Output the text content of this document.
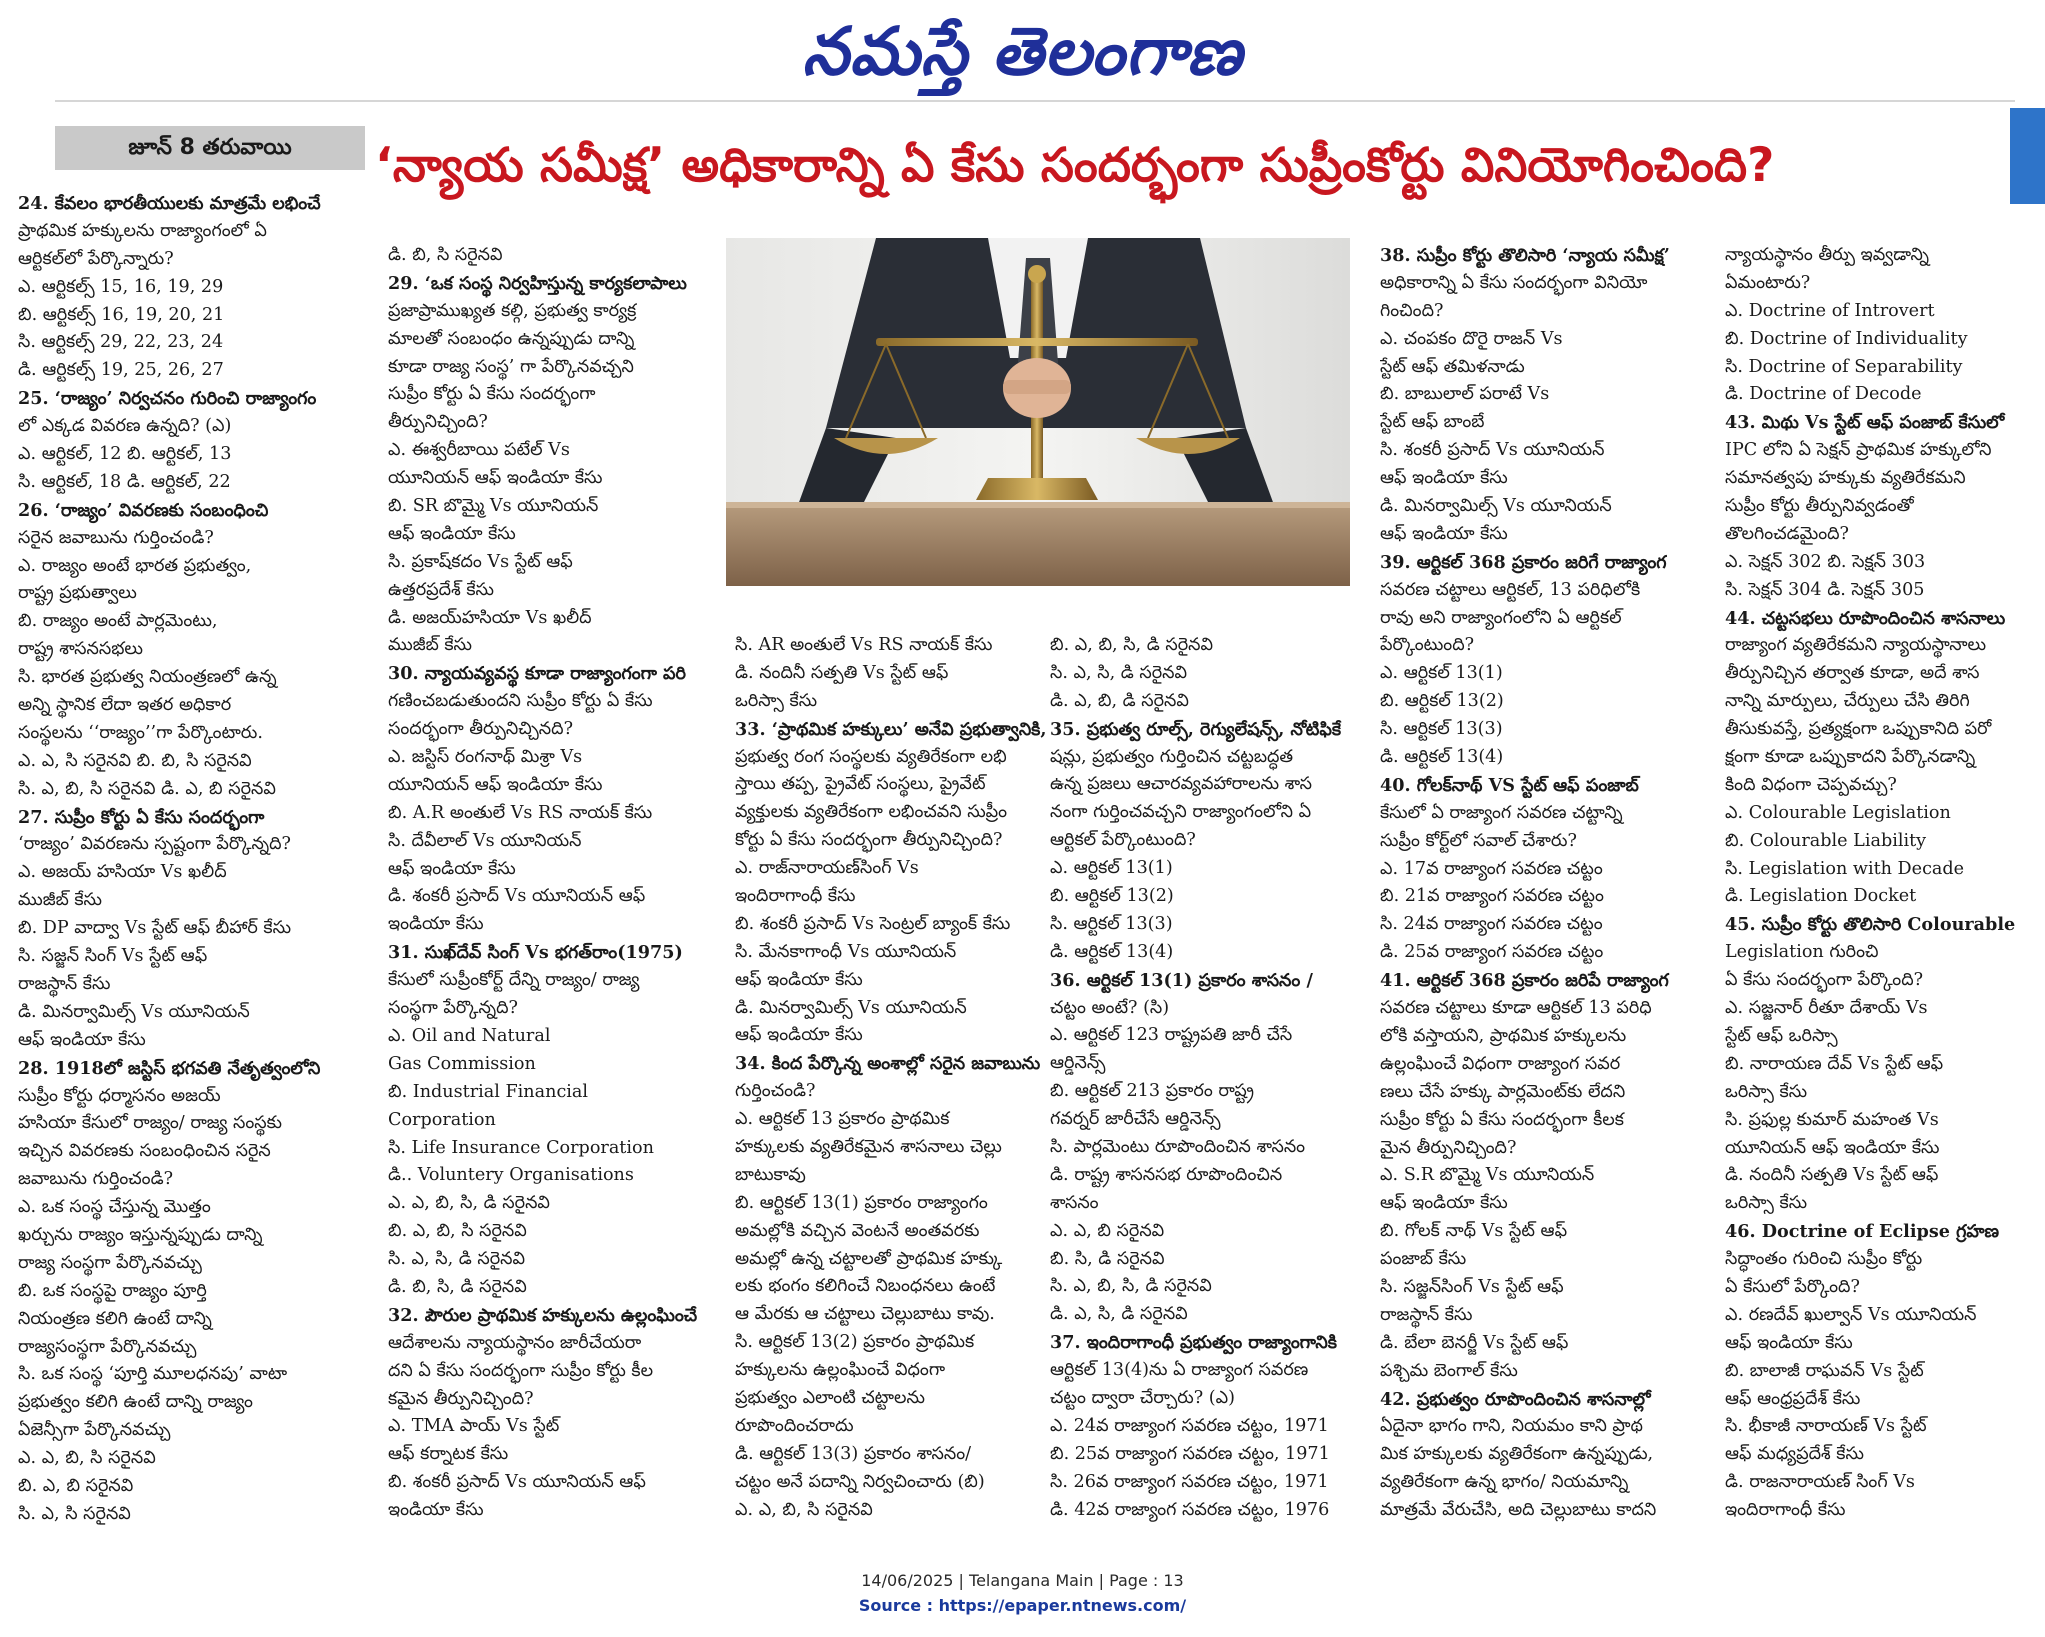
నమస్తే తెలంగాణ
జూన్ 8 తరువాయి	‘న్యాయ సమీక్ష’ అధికారాన్ని ఏ కేసు సందర్భంగా సుప్రీంకోర్టు వినియోగించింది?
24. కేవలం భారతీయులకు మాత్రమే లభించే
ప్రాథమిక హక్కులను రాజ్యాంగంలో ఏ
ఆర్టికల్‌లో పేర్కొన్నారు?
ఎ. ఆర్టికల్స్ 15, 16, 19, 29
బి. ఆర్టికల్స్ 16, 19, 20, 21
సి. ఆర్టికల్స్ 29, 22, 23, 24
డి. ఆర్టికల్స్ 19, 25, 26, 27
25. ‘రాజ్యం’ నిర్వచనం గురించి రాజ్యాంగం
లో ఎక్కడ వివరణ ఉన్నది? (ఎ)
ఎ. ఆర్టికల్, 12 బి. ఆర్టికల్, 13
సి. ఆర్టికల్, 18 డి. ఆర్టికల్, 22
26. ‘రాజ్యం’ వివరణకు సంబంధించి
సరైన జవాబును గుర్తించండి?
ఎ. రాజ్యం అంటే భారత ప్రభుత్వం,
రాష్ట్ర ప్రభుత్వాలు
బి. రాజ్యం అంటే పార్లమెంటు,
రాష్ట్ర శాసనసభలు
సి. భారత ప్రభుత్వ నియంత్రణలో ఉన్న
అన్ని స్థానిక లేదా ఇతర అధికార
సంస్థలను ‘‘రాజ్యం’’గా పేర్కొంటారు.
ఎ. ఎ, సి సరైనవి బి. బి, సి సరైనవి
సి. ఎ, బి, సి సరైనవి డి. ఎ, బి సరైనవి
27. సుప్రీం కోర్టు ఏ కేసు సందర్భంగా
‘రాజ్యం’ వివరణను స్పష్టంగా పేర్కొన్నది?
ఎ. అజయ్ హసియా Vs ఖలీద్
ముజీబ్ కేసు
బి. DP వాద్వా Vs స్టేట్ ఆఫ్ బీహార్ కేసు
సి. సజ్జన్ సింగ్ Vs స్టేట్ ఆఫ్
రాజస్థాన్ కేసు
డి. మినర్వామిల్స్ Vs యూనియన్
ఆఫ్ ఇండియా కేసు
28. 1918లో జస్టిస్ భగవతి నేతృత్వంలోని
సుప్రీం కోర్టు ధర్మాసనం అజయ్
హసియా కేసులో రాజ్యం/ రాజ్య సంస్థకు
ఇచ్చిన వివరణకు సంబంధించిన సరైన
జవాబును గుర్తించండి?
ఎ. ఒక సంస్థ చేస్తున్న మొత్తం
ఖర్చును రాజ్యం ఇస్తున్నప్పుడు దాన్ని
రాజ్య సంస్థగా పేర్కొనవచ్చు
బి. ఒక సంస్థపై రాజ్యం పూర్తి
నియంత్రణ కలిగి ఉంటే దాన్ని
రాజ్యసంస్థగా పేర్కొనవచ్చు
సి. ఒక సంస్థ ‘పూర్తి మూలధనపు’ వాటా
ప్రభుత్వం కలిగి ఉంటే దాన్ని రాజ్యం
ఏజెన్సీగా పేర్కొనవచ్చు
ఎ. ఎ, బి, సి సరైనవి
బి. ఎ, బి సరైనవి
సి. ఎ, సి సరైనవి
డి. బి, సి సరైనవి
29. ‘ఒక సంస్థ నిర్వహిస్తున్న కార్యకలాపాలు
ప్రజాప్రాముఖ్యత కల్గి, ప్రభుత్వ కార్యక్ర
మాలతో సంబంధం ఉన్నప్పుడు దాన్ని
కూడా రాజ్య సంస్థ’ గా పేర్కొనవచ్చని
సుప్రీం కోర్టు ఏ కేసు సందర్భంగా
తీర్పునిచ్చింది?
ఎ. ఈశ్వరీబాయి పటేల్ Vs
యూనియన్ ఆఫ్ ఇండియా కేసు
బి. SR బొమ్మై Vs యూనియన్
ఆఫ్ ఇండియా కేసు
సి. ప్రకాష్‌కదం Vs స్టేట్ ఆఫ్
ఉత్తరప్రదేశ్ కేసు
డి. అజయ్‌హసియా Vs ఖలీద్
ముజీబ్ కేసు
30. న్యాయవ్యవస్థ కూడా రాజ్యాంగంగా పరి
గణించబడుతుందని సుప్రీం కోర్టు ఏ కేసు
సందర్భంగా తీర్పునిచ్చినది?
ఎ. జస్టిస్ రంగనాథ్ మిశ్రా Vs
యూనియన్ ఆఫ్ ఇండియా కేసు
బి. A.R అంతులే Vs RS నాయక్ కేసు
సి. దేవీలాల్ Vs యూనియన్
ఆఫ్ ఇండియా కేసు
డి. శంకరీ ప్రసాద్ Vs యూనియన్ ఆఫ్
ఇండియా కేసు
31. సుఖ్‌దేవ్ సింగ్ Vs భగత్‌రాం(1975)
కేసులో సుప్రీంకోర్ట్ దేన్ని రాజ్యం/ రాజ్య
సంస్థగా పేర్కొన్నది?
ఎ. Oil and Natural
Gas Commission
బి. Industrial Financial
Corporation
సి. Life Insurance Corporation
డి.. Voluntery Organisations
ఎ. ఎ, బి, సి, డి సరైనవి
బి. ఎ, బి, సి సరైనవి
సి. ఎ, సి, డి సరైనవి
డి. బి, సి, డి సరైనవి
32. పౌరుల ప్రాథమిక హక్కులను ఉల్లంఘించే
ఆదేశాలను న్యాయస్థానం జారీచేయరా
దని ఏ కేసు సందర్భంగా సుప్రీం కోర్టు కీల
కమైన తీర్పునిచ్చింది?
ఎ. TMA పాయ్ Vs స్టేట్
ఆఫ్ కర్నాటక కేసు
బి. శంకరీ ప్రసాద్ Vs యూనియన్ ఆఫ్
ఇండియా కేసు
సి. AR అంతులే Vs RS నాయక్ కేసు
డి. నందినీ సత్పతి Vs స్టేట్ ఆఫ్
ఒరిస్సా కేసు
33. ‘ప్రాథమిక హక్కులు’ అనేవి ప్రభుత్వానికి,
ప్రభుత్వ రంగ సంస్థలకు వ్యతిరేకంగా లభి
స్తాయి తప్ప, ప్రైవేట్ సంస్థలు, ప్రైవేట్
వ్యక్తులకు వ్యతిరేకంగా లభించవని సుప్రీం
కోర్టు ఏ కేసు సందర్భంగా తీర్పునిచ్చింది?
ఎ. రాజ్‌నారాయణ్‌సింగ్ Vs
ఇందిరాగాంధీ కేసు
బి. శంకరీ ప్రసాద్ Vs సెంట్రల్ బ్యాంక్ కేసు
సి. మేనకాగాంధీ Vs యూనియన్
ఆఫ్ ఇండియా కేసు
డి. మినర్వామిల్స్ Vs యూనియన్
ఆఫ్ ఇండియా కేసు
34. కింద పేర్కొన్న అంశాల్లో సరైన జవాబును
గుర్తించండి?
ఎ. ఆర్టికల్ 13 ప్రకారం ప్రాథమిక
హక్కులకు వ్యతిరేకమైన శాసనాలు చెల్లు
బాటుకావు
బి. ఆర్టికల్ 13(1) ప్రకారం రాజ్యాంగం
అమల్లోకి వచ్చిన వెంటనే అంతవరకు
అమల్లో ఉన్న చట్టాలతో ప్రాథమిక హక్కు
లకు భంగం కలిగించే నిబంధనలు ఉంటే
ఆ మేరకు ఆ చట్టాలు చెల్లుబాటు కావు.
సి. ఆర్టికల్ 13(2) ప్రకారం ప్రాథమిక
హక్కులను ఉల్లంఘించే విధంగా
ప్రభుత్వం ఎలాంటి చట్టాలను
రూపొందించరాదు
డి. ఆర్టికల్ 13(3) ప్రకారం శాసనం/
చట్టం అనే పదాన్ని నిర్వచించారు (బి)
ఎ. ఎ, బి, సి సరైనవి
బి. ఎ, బి, సి, డి సరైనవి
సి. ఎ, సి, డి సరైనవి
డి. ఎ, బి, డి సరైనవి
35. ప్రభుత్వ రూల్స్, రెగ్యులేషన్స్, నోటిఫికే
షన్లు, ప్రభుత్వం గుర్తించిన చట్టబద్ధత
ఉన్న ప్రజలు ఆచారవ్యవహారాలను శాస
నంగా గుర్తించవచ్చని రాజ్యాంగంలోని ఏ
ఆర్టికల్ పేర్కొంటుంది?
ఎ. ఆర్టికల్ 13(1)
బి. ఆర్టికల్ 13(2)
సి. ఆర్టికల్ 13(3)
డి. ఆర్టికల్ 13(4)
36. ఆర్టికల్ 13(1) ప్రకారం శాసనం /
చట్టం అంటే? (సి)
ఎ. ఆర్టికల్ 123 రాష్ట్రపతి జారీ చేసే
ఆర్డినెన్స్
బి. ఆర్టికల్ 213 ప్రకారం రాష్ట్ర
గవర్నర్ జారీచేసే ఆర్డినెన్స్
సి. పార్లమెంటు రూపొందించిన శాసనం
డి. రాష్ట్ర శాసనసభ రూపొందించిన
శాసనం
ఎ. ఎ, బి సరైనవి
బి. సి, డి సరైనవి
సి. ఎ, బి, సి, డి సరైనవి
డి. ఎ, సి, డి సరైనవి
37. ఇందిరాగాంధీ ప్రభుత్వం రాజ్యాంగానికి
ఆర్టికల్ 13(4)ను ఏ రాజ్యాంగ సవరణ
చట్టం ద్వారా చేర్చారు? (ఎ)
ఎ. 24వ రాజ్యాంగ సవరణ చట్టం, 1971
బి. 25వ రాజ్యాంగ సవరణ చట్టం, 1971
సి. 26వ రాజ్యాంగ సవరణ చట్టం, 1971
డి. 42వ రాజ్యాంగ సవరణ చట్టం, 1976
38. సుప్రీం కోర్టు తొలిసారి ‘న్యాయ సమీక్ష’
అధికారాన్ని ఏ కేసు సందర్భంగా వినియో
గించింది?
ఎ. చంపకం దొరై రాజన్ Vs
స్టేట్ ఆఫ్ తమిళనాడు
బి. బాబులాల్ పరాటే Vs
స్టేట్ ఆఫ్ బాంబే
సి. శంకరీ ప్రసాద్ Vs యూనియన్
ఆఫ్ ఇండియా కేసు
డి. మినర్వామిల్స్ Vs యూనియన్
ఆఫ్ ఇండియా కేసు
39. ఆర్టికల్ 368 ప్రకారం జరిగే రాజ్యాంగ
సవరణ చట్టాలు ఆర్టికల్, 13 పరిధిలోకి
రావు అని రాజ్యాంగంలోని ఏ ఆర్టికల్
పేర్కొంటుంది?
ఎ. ఆర్టికల్ 13(1)
బి. ఆర్టికల్ 13(2)
సి. ఆర్టికల్ 13(3)
డి. ఆర్టికల్ 13(4)
40. గోలక్‌నాథ్ VS స్టేట్ ఆఫ్ పంజాబ్
కేసులో ఏ రాజ్యాంగ సవరణ చట్టాన్ని
సుప్రీం కోర్ట్‌లో సవాల్ చేశారు?
ఎ. 17వ రాజ్యాంగ సవరణ చట్టం
బి. 21వ రాజ్యాంగ సవరణ చట్టం
సి. 24వ రాజ్యాంగ సవరణ చట్టం
డి. 25వ రాజ్యాంగ సవరణ చట్టం
41. ఆర్టికల్ 368 ప్రకారం జరిపే రాజ్యాంగ
సవరణ చట్టాలు కూడా ఆర్టికల్ 13 పరిధి
లోకి వస్తాయని, ప్రాథమిక హక్కులను
ఉల్లంఘించే విధంగా రాజ్యాంగ సవర
ణలు చేసే హక్కు పార్లమెంట్‌కు లేదని
సుప్రీం కోర్టు ఏ కేసు సందర్భంగా కీలక
మైన తీర్పునిచ్చింది?
ఎ. S.R బొమ్మై Vs యూనియన్
ఆఫ్ ఇండియా కేసు
బి. గోలక్ నాథ్ Vs స్టేట్ ఆఫ్
పంజాబ్ కేసు
సి. సజ్జన్‌సింగ్ Vs స్టేట్ ఆఫ్
రాజస్థాన్ కేసు
డి. బేలా బెనర్జీ Vs స్టేట్ ఆఫ్
పశ్చిమ బెంగాల్ కేసు
42. ప్రభుత్వం రూపొందించిన శాసనాల్లో
ఏదైనా భాగం గాని, నియమం కాని ప్రాథ
మిక హక్కులకు వ్యతిరేకంగా ఉన్నప్పుడు,
వ్యతిరేకంగా ఉన్న భాగం/ నియమాన్ని
మాత్రమే వేరుచేసి, అది చెల్లుబాటు కాదని
న్యాయస్థానం తీర్పు ఇవ్వడాన్ని
ఏమంటారు?
ఎ. Doctrine of Introvert
బి. Doctrine of Individuality
సి. Doctrine of Separability
డి. Doctrine of Decode
43. మిథు Vs స్టేట్ ఆఫ్ పంజాబ్ కేసులో
IPC లోని ఏ సెక్షన్ ప్రాథమిక హక్కులోని
సమానత్వపు హక్కుకు వ్యతిరేకమని
సుప్రీం కోర్టు తీర్పునివ్వడంతో
తొలగించడమైంది?
ఎ. సెక్షన్ 302 బి. సెక్షన్ 303
సి. సెక్షన్ 304 డి. సెక్షన్ 305
44. చట్టసభలు రూపొందించిన శాసనాలు
రాజ్యాంగ వ్యతిరేకమని న్యాయస్థానాలు
తీర్పునిచ్చిన తర్వాత కూడా, అదే శాస
నాన్ని మార్పులు, చేర్పులు చేసి తిరిగి
తీసుకువస్తే, ప్రత్యక్షంగా ఒప్పుకానిది పరో
క్షంగా కూడా ఒప్పుకాదని పేర్కొనడాన్ని
కింది విధంగా చెప్పవచ్చు?
ఎ. Colourable Legislation
బి. Colourable Liability
సి. Legislation with Decade
డి. Legislation Docket
45. సుప్రీం కోర్టు తొలిసారి Colourable
Legislation గురించి
ఏ కేసు సందర్భంగా పేర్కొంది?
ఎ. సజ్జనార్ రీతూ దేశాయ్ Vs
స్టేట్ ఆఫ్ ఒరిస్సా
బి. నారాయణ దేవ్ Vs స్టేట్ ఆఫ్
ఒరిస్సా కేసు
సి. ప్రఫుల్ల కుమార్ మహంత Vs
యూనియన్ ఆఫ్ ఇండియా కేసు
డి. నందినీ సత్పతి Vs స్టేట్ ఆఫ్
ఒరిస్సా కేసు
46. Doctrine of Eclipse గ్రహణ
సిద్ధాంతం గురించి సుప్రీం కోర్టు
ఏ కేసులో పేర్కొంది?
ఎ. రణదేవ్ ఖుల్వాన్ Vs యూనియన్
ఆఫ్ ఇండియా కేసు
బి. బాలాజీ రాఘవన్ Vs స్టేట్
ఆఫ్ ఆంధ్రప్రదేశ్ కేసు
సి. భీకాజీ నారాయణ్ Vs స్టేట్
ఆఫ్ మధ్యప్రదేశ్ కేసు
డి. రాజనారాయణ్ సింగ్ Vs
ఇందిరాగాంధీ కేసు
14/06/2025 | Telangana Main | Page : 13
Source : https://epaper.ntnews.com/
